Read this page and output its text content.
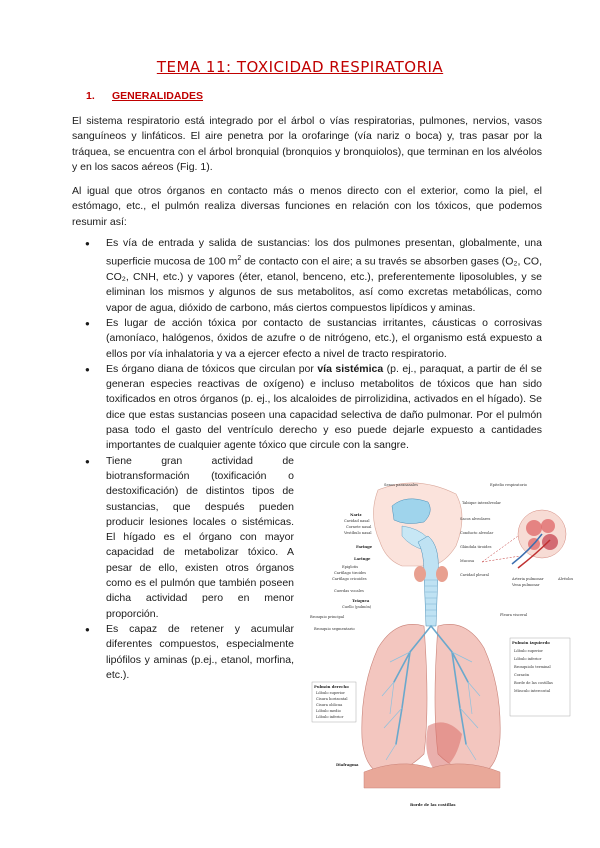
TEMA 11: TOXICIDAD RESPIRATORIA
1. GENERALIDADES

El sistema respiratorio está integrado por el árbol o vías respiratorias, pulmones, nervios, vasos sanguíneos y linfáticos. El aire penetra por la orofaringe (vía nariz o boca) y, tras pasar por la tráquea, se encuentra con el árbol bronquial (bronquios y bronquiolos), que terminan en los alvéolos y en los sacos aéreos (Fig. 1).

Al igual que otros órganos en contacto más o menos directo con el exterior, como la piel, el estómago, etc., el pulmón realiza diversas funciones en relación con los tóxicos, que podemos resumir así:

● Es vía de entrada y salida de sustancias: los dos pulmones presentan, globalmente, una superficie mucosa de 100 $m^2$ de contacto con el aire; a su través se absorben gases (O₂, CO, CO₂, CNH, etc.) y vapores (éter, etanol, benceno, etc.), preferentemente liposolubles, y se eliminan los mismos y algunos de sus metabolitos, así como excretas metabólicas, como vapor de agua, dióxido de carbono, más ciertos compuestos lipídicos y aminas.
● Es lugar de acción tóxica por contacto de sustancias irritantes, cáusticas o corrosivas (amoníaco, halógenos, óxidos de azufre o de nitrógeno, etc.), el organismo está expuesto a ellos por vía inhalatoria y va a ejercer efecto a nivel de tracto respiratorio.
● Es órgano diana de tóxicos que circulan por vía sistémica (p. ej., paraquat, a partir de él se generan especies reactivas de oxígeno) e incluso metabolitos de tóxicos que han sido toxificados en otros órganos (p. ej., los alcaloides de pirrolizidina, activados en el hígado). Se dice que estas sustancias poseen una capacidad selectiva de daño pulmonar. Por el pulmón pasa todo el gasto del ventrículo derecho y eso puede dejarle expuesto a cantidades importantes de cualquier agente tóxico que circule con la sangre.
● Tiene gran actividad de biotransformación (toxificación o destoxificación) de distintos tipos de sustancias, que después pueden producir lesiones locales o sistémicas. El hígado es el órgano con mayor capacidad de metabolizar tóxico. A pesar de ello, existen otros órganos como es el pulmón que también poseen dicha actividad pero en menor proporción.
● Es capaz de retener y acumular diferentes compuestos, especialmente lipófilos y aminas (p.ej., etanol, morfina, etc.).
Senos paranasales
Nariz
Cavidad nasal
Cornete nasal
Vestíbulo nasal
Faringe
Laringe
Epiglotis
Cartílago tiroides
Cartílago cricoides
Cuerdas vocales
Tráquea
Cuello (pulmón)
Bronquio principal
Bronquio segmentario
Pulmón derecho
Lóbulo superior
Cisura horizontal
Cisura oblicua
Lóbulo medio
Lóbulo inferior
Diafragma
Epitelio respiratorio
Tabique interalveolar
Sacos alveolares
Conducto alveolar
Glándula tiroides
Mucosa
Cavidad pleural
Arteria pulmonar
Vena pulmonar
Alvéolos
Pleura visceral
Pulmón izquierdo
Lóbulo superior
Lóbulo inferior
Bronquiolo terminal
Corazón
Borde de las costillas
Músculo intercostal
Borde de las costillas
